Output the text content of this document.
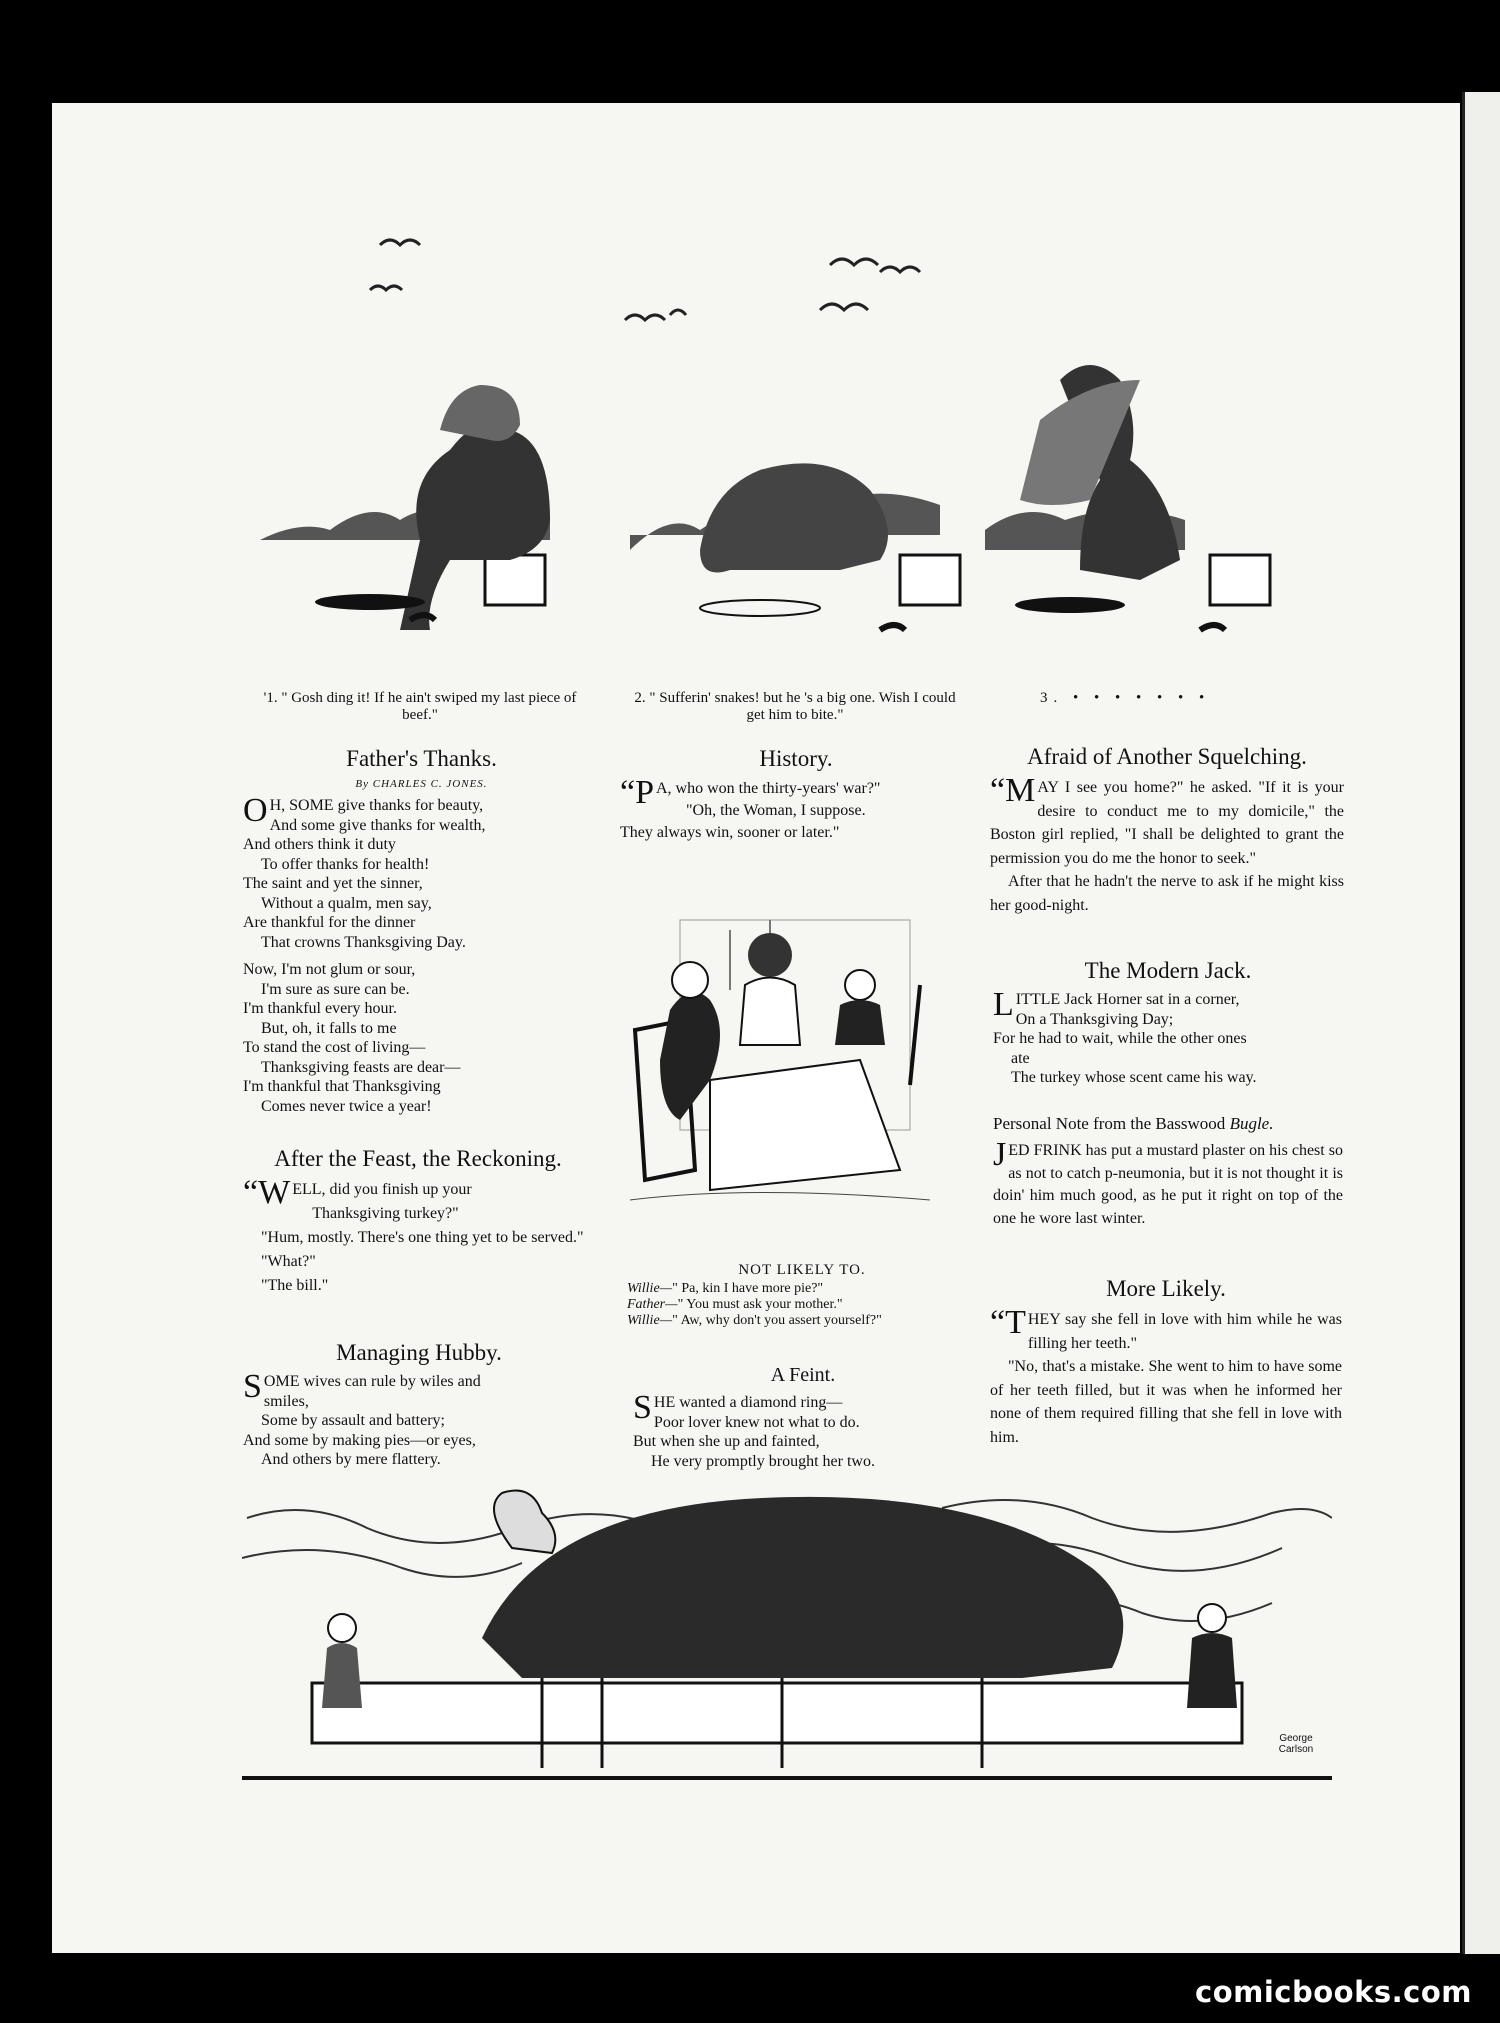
'1. " Gosh ding it! If he ain't swiped my last piece of beef."
2. " Sufferin' snakes! but he 's a big one. Wish I could get him to bite."
3. • • • • • • •
Father's Thanks.
By CHARLES C. JONES.

O H, SOME give thanks for beauty,
And some give thanks for wealth,
And others think it duty
To offer thanks for health!
The saint and yet the sinner,
Without a qualm, men say,
Are thankful for the dinner
That crowns Thanksgiving Day.
Now, I'm not glum or sour,
I'm sure as sure can be.
I'm thankful every hour.
But, oh, it falls to me
To stand the cost of living—
Thanksgiving feasts are dear—
I'm thankful that Thanksgiving
Comes never twice a year!

After the Feast, the Reckoning.

“W ELL, did you finish up your
Thanksgiving turkey?"
"Hum, mostly. There's one thing yet to be served."
"What?"
"The bill."

Managing Hubby.

S OME wives can rule by wiles and
smiles,
Some by assault and battery;
And some by making pies—or eyes,
And others by mere flattery.

History.

“P A, who won the thirty-years' war?"
"Oh, the Woman, I suppose.
They always win, sooner or later."

NOT LIKELY TO.
Willie—" Pa, kin I have more pie?"
Father—" You must ask your mother."
Willie—" Aw, why don't you assert yourself?"
A Feint.

S HE wanted a diamond ring—
Poor lover knew not what to do.
But when she up and fainted,
He very promptly brought her two.

Afraid of Another Squelching.

“M AY I see you home?" he asked. "If it is your desire to conduct me to my domicile," the Boston girl replied, "I shall be delighted to grant the permission you do me the honor to seek."
After that he hadn't the nerve to ask if he might kiss her good-night.

The Modern Jack.

L ITTLE Jack Horner sat in a corner,
On a Thanksgiving Day;
For he had to wait, while the other ones
ate
The turkey whose scent came his way.

Personal Note from the Basswood Bugle.

J ED FRINK has put a mustard plaster on his chest so as not to catch p-neumonia, but it is not thought it is doin' him much good, as he put it right on top of the one he wore last winter.

More Likely.

“T HEY say she fell in love with him while he was filling her teeth."
"No, that's a mistake. She went to him to have some of her teeth filled, but it was when he informed her none of them required filling that she fell in love with him.

George Carlson
comicbooks.com
